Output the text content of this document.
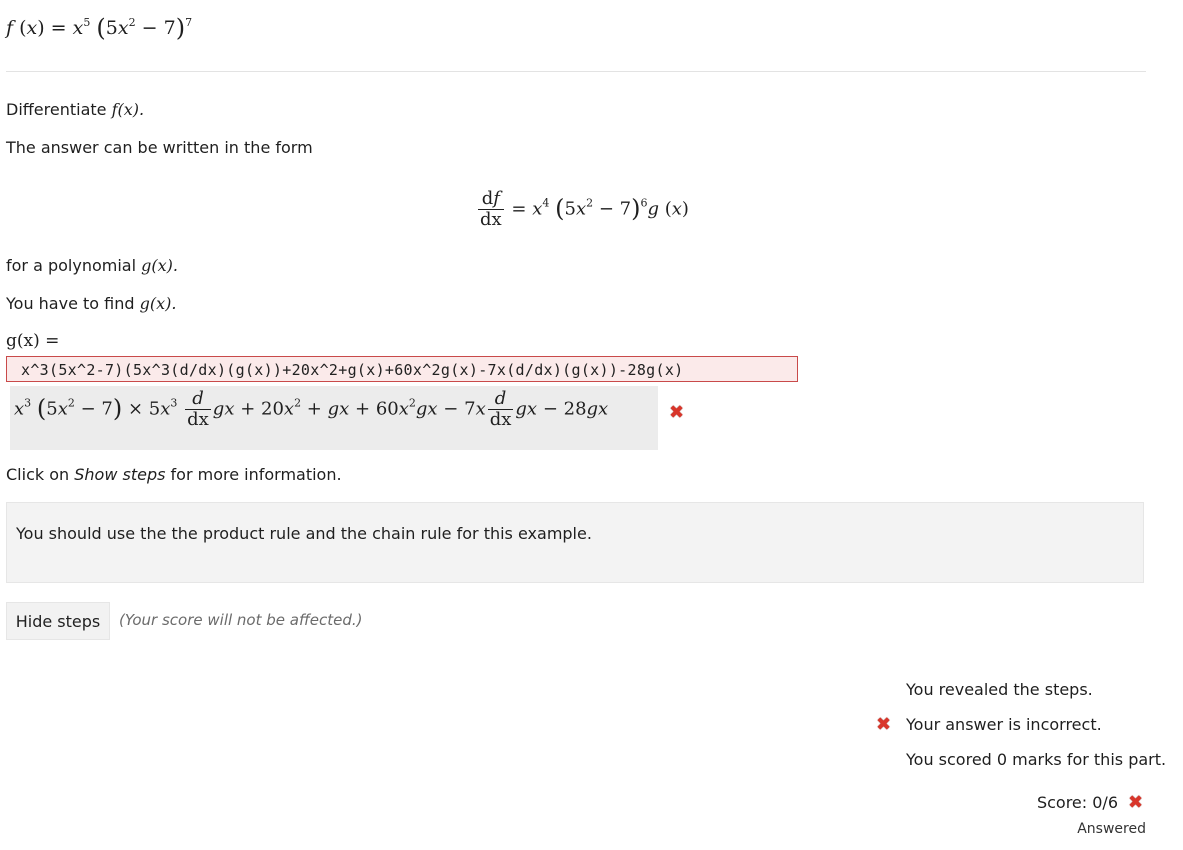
f $(x) = x^5$ $(5x^2 - 7)^7$
Differentiate f(x).
The answer can be written in the form
$\frac{df}{dx} = x^4$ $(5x^2 - 7)^6g$ (x)
for a polynomial g(x).
You have to find g(x).
g(x) =
x^3(5x^2-7)(5x^3(d/dx)(g(x))+20x^2+g(x)+60x^2g(x)-7x(d/dx)(g(x))-28g(x)
$x^3$ $(5x^2 - 7) \times 5x^3 \frac{d}{dx}$ gx + $20x^2$ + gx + $60x^2gx - 7x \frac{d}{dx}$ gx − 28gx	✖
Click on Show steps for more information.
You should use the the product rule and the chain rule for this example.
Hide steps	(Your score will not be affected.)
You revealed the steps.
✖ Your answer is incorrect.
You scored 0 marks for this part.
Score: 0/6 ✖
Answered
